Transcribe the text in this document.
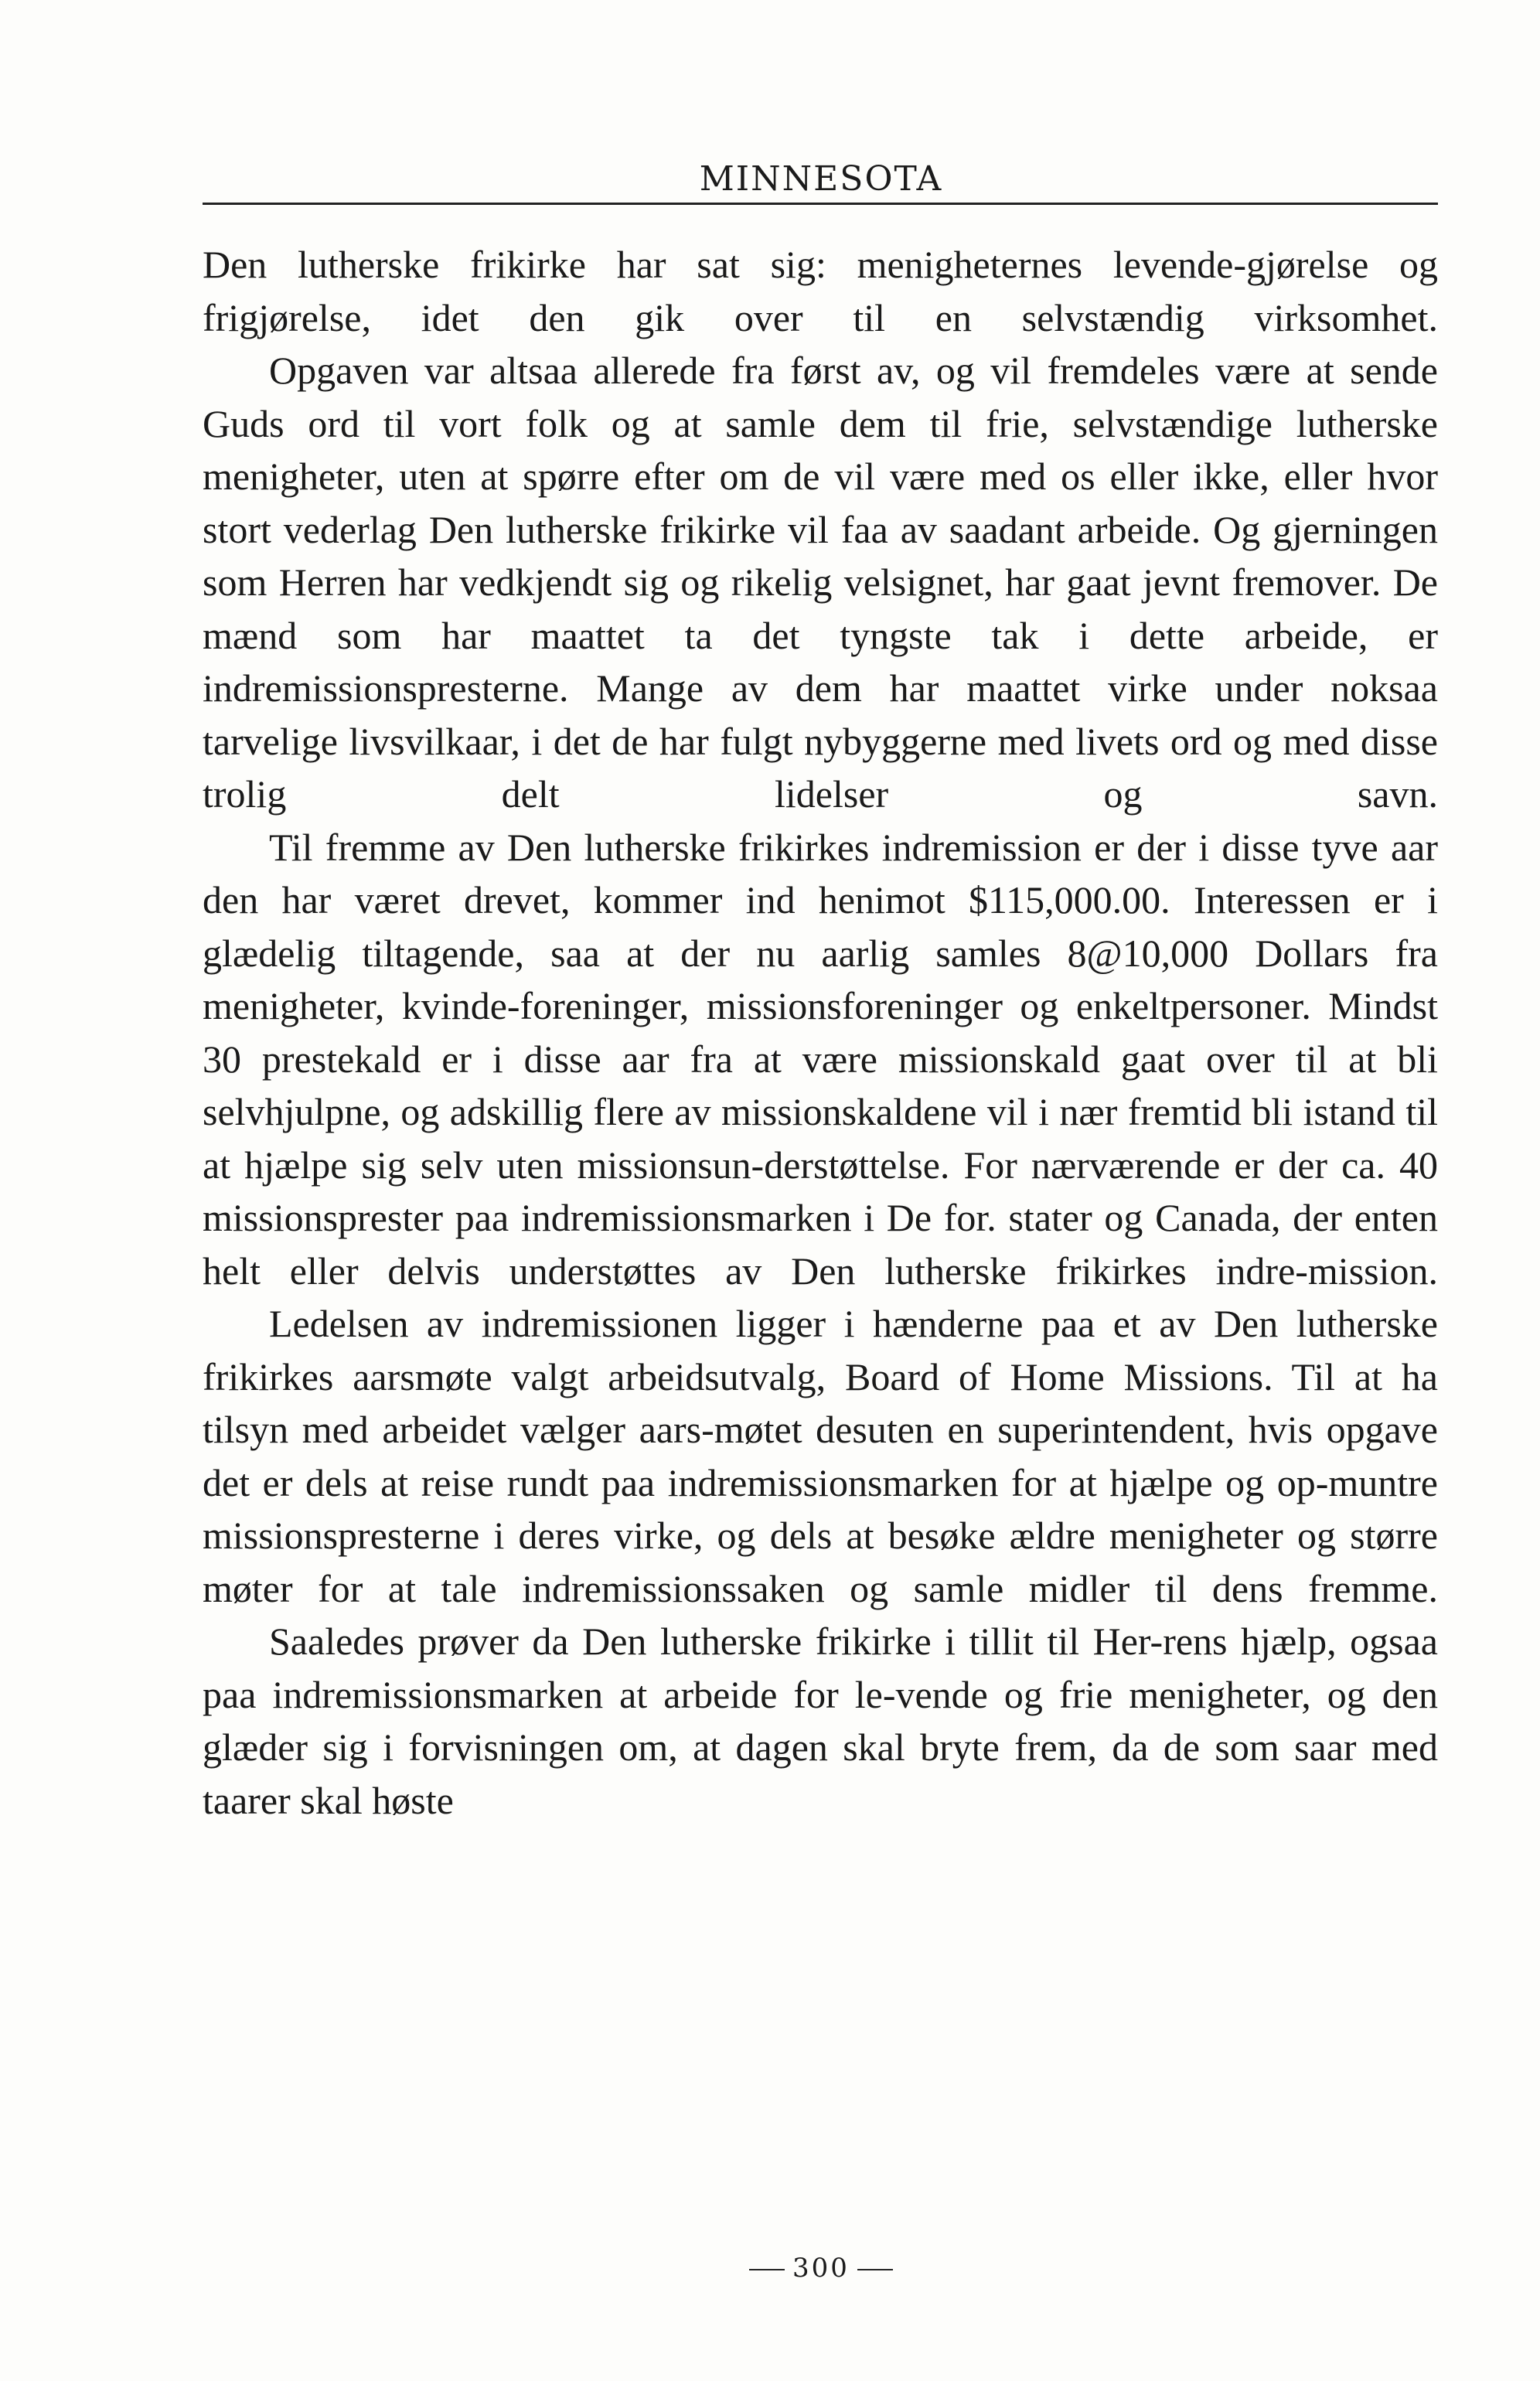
MINNESOTA

Den lutherske frikirke har sat sig: menigheternes levende-gjørelse og frigjørelse, idet den gik over til en selvstændig virksomhet.

Opgaven var altsaa allerede fra først av, og vil fremdeles være at sende Guds ord til vort folk og at samle dem til frie, selvstændige lutherske menigheter, uten at spørre efter om de vil være med os eller ikke, eller hvor stort vederlag Den lutherske frikirke vil faa av saadant arbeide. Og gjerningen som Herren har vedkjendt sig og rikelig velsignet, har gaat jevnt fremover. De mænd som har maattet ta det tyngste tak i dette arbeide, er indremissionspresterne. Mange av dem har maattet virke under noksaa tarvelige livsvilkaar, i det de har fulgt nybyggerne med livets ord og med disse trolig delt lidelser og savn.

Til fremme av Den lutherske frikirkes indremission er der i disse tyve aar den har været drevet, kommer ind henimot $115,000.00. Interessen er i glædelig tiltagende, saa at der nu aarlig samles 8@10,000 Dollars fra menigheter, kvinde-foreninger, missionsforeninger og enkeltpersoner. Mindst 30 prestekald er i disse aar fra at være missionskald gaat over til at bli selvhjulpne, og adskillig flere av missionskaldene vil i nær fremtid bli istand til at hjælpe sig selv uten missionsun-derstøttelse. For nærværende er der ca. 40 missionsprester paa indremissionsmarken i De for. stater og Canada, der enten helt eller delvis understøttes av Den lutherske frikirkes indre-mission.

Ledelsen av indremissionen ligger i hænderne paa et av Den lutherske frikirkes aarsmøte valgt arbeidsutvalg, Board of Home Missions. Til at ha tilsyn med arbeidet vælger aars-møtet desuten en superintendent, hvis opgave det er dels at reise rundt paa indremissionsmarken for at hjælpe og op-muntre missionspresterne i deres virke, og dels at besøke ældre menigheter og større møter for at tale indremissionssaken og samle midler til dens fremme.

Saaledes prøver da Den lutherske frikirke i tillit til Her-rens hjælp, ogsaa paa indremissionsmarken at arbeide for le-vende og frie menigheter, og den glæder sig i forvisningen om, at dagen skal bryte frem, da de som saar med taarer skal høste

300
